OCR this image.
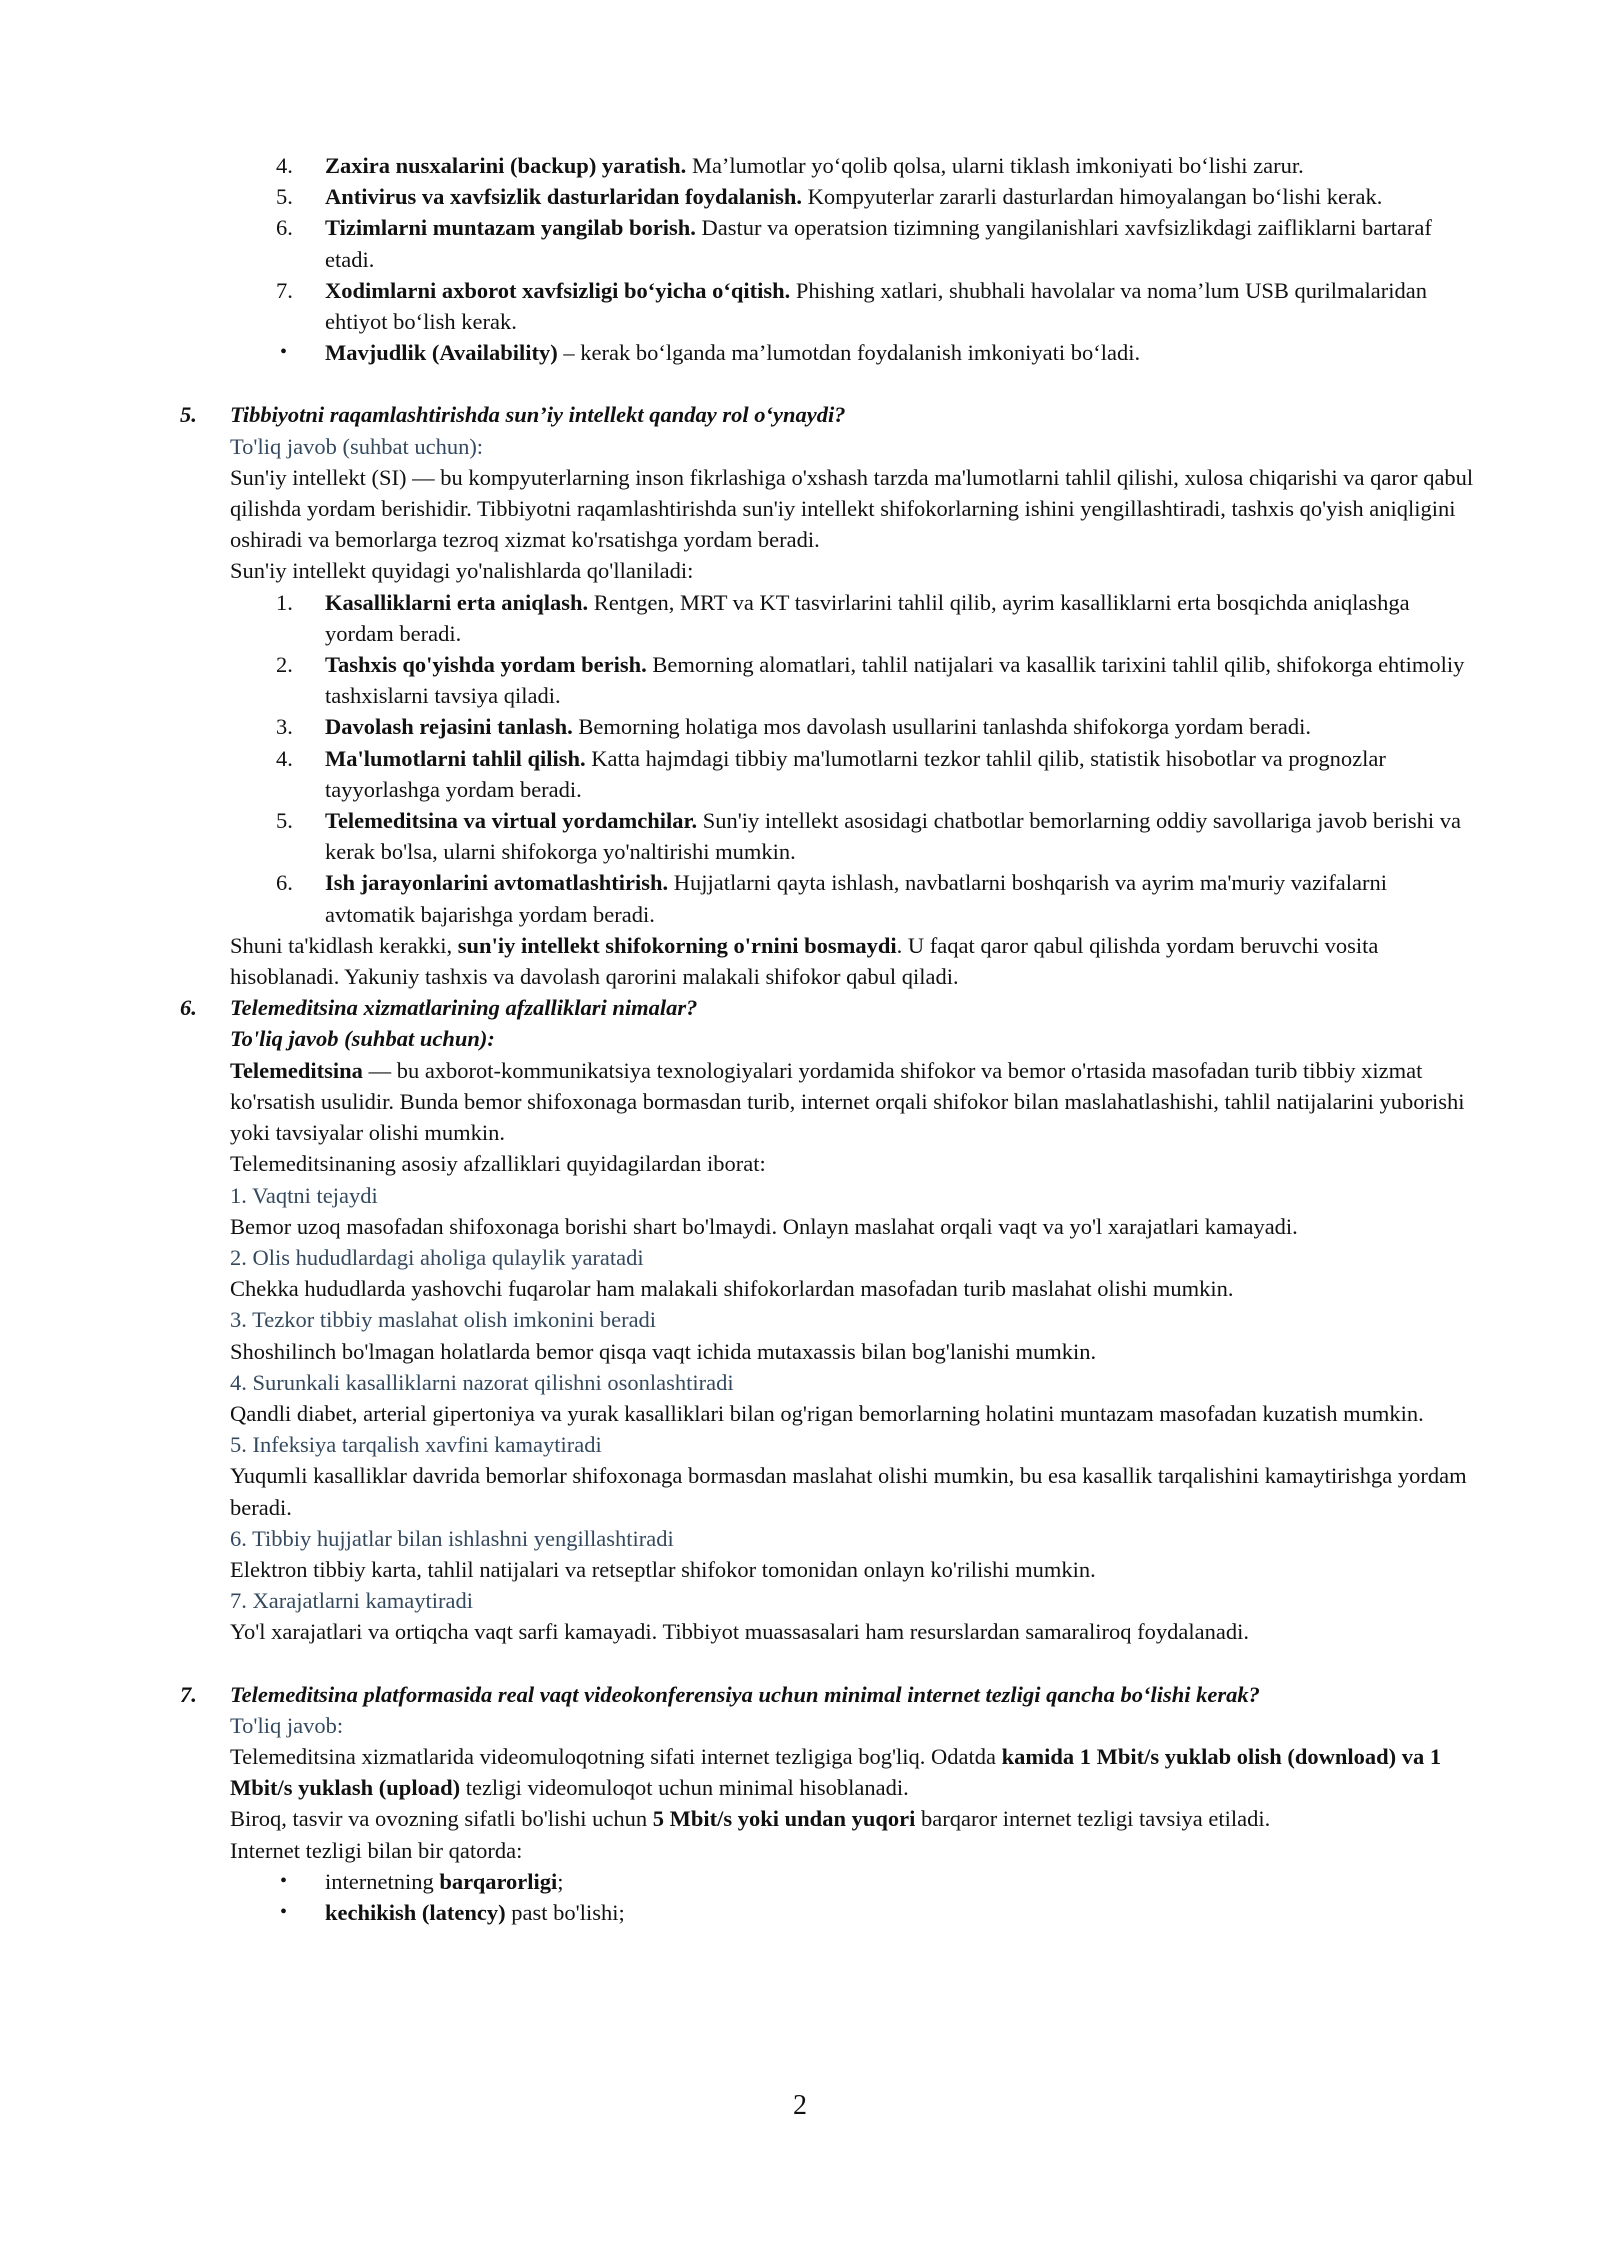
4. Zaxira nusxalarini (backup) yaratish. Ma’lumotlar yo‘qolib qolsa, ularni tiklash imkoniyati bo‘lishi zarur.
5. Antivirus va xavfsizlik dasturlaridan foydalanish. Kompyuterlar zararli dasturlardan himoyalangan bo‘lishi kerak.
6. Tizimlarni muntazam yangilab borish. Dastur va operatsion tizimning yangilanishlari xavfsizlikdagi zaifliklarni bartaraf etadi.
7. Xodimlarni axborot xavfsizligi bo‘yicha o‘qitish. Phishing xatlari, shubhali havolalar va noma’lum USB qurilmalaridan ehtiyot bo‘lish kerak.
• Mavjudlik (Availability) – kerak bo‘lganda ma’lumotdan foydalanish imkoniyati bo‘ladi.
5. Tibbiyotni raqamlashtirishda sun’iy intellekt qanday rol o‘ynaydi?
To'liq javob (suhbat uchun):
Sun'iy intellekt (SI) — bu kompyuterlarning inson fikrlashiga o'xshash tarzda ma'lumotlarni tahlil qilishi, xulosa chiqarishi va qaror qabul qilishda yordam berishidir. Tibbiyotni raqamlashtirishda sun'iy intellekt shifokorlarning ishini yengillashtiradi, tashxis qo'yish aniqligini oshiradi va bemorlarga tezroq xizmat ko'rsatishga yordam beradi.
Sun'iy intellekt quyidagi yo'nalishlarda qo'llaniladi:
1. Kasalliklarni erta aniqlash. Rentgen, MRT va KT tasvirlarini tahlil qilib, ayrim kasalliklarni erta bosqichda aniqlashga yordam beradi.
2. Tashxis qo'yishda yordam berish. Bemorning alomatlari, tahlil natijalari va kasallik tarixini tahlil qilib, shifokorga ehtimoliy tashxislarni tavsiya qiladi.
3. Davolash rejasini tanlash. Bemorning holatiga mos davolash usullarini tanlashda shifokorga yordam beradi.
4. Ma'lumotlarni tahlil qilish. Katta hajmdagi tibbiy ma'lumotlarni tezkor tahlil qilib, statistik hisobotlar va prognozlar tayyorlashga yordam beradi.
5. Telemeditsina va virtual yordamchilar. Sun'iy intellekt asosidagi chatbotlar bemorlarning oddiy savollariga javob berishi va kerak bo'lsa, ularni shifokorga yo'naltirishi mumkin.
6. Ish jarayonlarini avtomatlashtirish. Hujjatlarni qayta ishlash, navbatlarni boshqarish va ayrim ma'muriy vazifalarni avtomatik bajarishga yordam beradi.
Shuni ta'kidlash kerakki, sun'iy intellekt shifokorning o'rnini bosmaydi. U faqat qaror qabul qilishda yordam beruvchi vosita hisoblanadi. Yakuniy tashxis va davolash qarorini malakali shifokor qabul qiladi.
6. Telemeditsina xizmatlarining afzalliklari nimalar?
To'liq javob (suhbat uchun):
Telemeditsina — bu axborot-kommunikatsiya texnologiyalari yordamida shifokor va bemor o'rtasida masofadan turib tibbiy xizmat ko'rsatish usulidir. Bunda bemor shifoxonaga bormasdan turib, internet orqali shifokor bilan maslahatlashishi, tahlil natijalarini yuborishi yoki tavsiyalar olishi mumkin.
Telemeditsinaning asosiy afzalliklari quyidagilardan iborat:
1. Vaqtni tejaydi
Bemor uzoq masofadan shifoxonaga borishi shart bo'lmaydi. Onlayn maslahat orqali vaqt va yo'l xarajatlari kamayadi.
2. Olis hududlardagi aholiga qulaylik yaratadi
Chekka hududlarda yashovchi fuqarolar ham malakali shifokorlardan masofadan turib maslahat olishi mumkin.
3. Tezkor tibbiy maslahat olish imkonini beradi
Shoshilinch bo'lmagan holatlarda bemor qisqa vaqt ichida mutaxassis bilan bog'lanishi mumkin.
4. Surunkali kasalliklarni nazorat qilishni osonlashtiradi
Qandli diabet, arterial gipertoniya va yurak kasalliklari bilan og'rigan bemorlarning holatini muntazam masofadan kuzatish mumkin.
5. Infeksiya tarqalish xavfini kamaytiradi
Yuqumli kasalliklar davrida bemorlar shifoxonaga bormasdan maslahat olishi mumkin, bu esa kasallik tarqalishini kamaytirishga yordam beradi.
6. Tibbiy hujjatlar bilan ishlashni yengillashtiradi
Elektron tibbiy karta, tahlil natijalari va retseptlar shifokor tomonidan onlayn ko'rilishi mumkin.
7. Xarajatlarni kamaytiradi
Yo'l xarajatlari va ortiqcha vaqt sarfi kamayadi. Tibbiyot muassasalari ham resurslardan samaraliroq foydalanadi.
7. Telemeditsina platformasida real vaqt videokonferensiya uchun minimal internet tezligi qancha bo‘lishi kerak?
To'liq javob:
Telemeditsina xizmatlarida videomuloqotning sifati internet tezligiga bog'liq. Odatda kamida 1 Mbit/s yuklab olish (download) va 1 Mbit/s yuklash (upload) tezligi videomuloqot uchun minimal hisoblanadi.
Biroq, tasvir va ovozning sifatli bo'lishi uchun 5 Mbit/s yoki undan yuqori barqaror internet tezligi tavsiya etiladi.
Internet tezligi bilan bir qatorda:
• internetning barqarorligi;
• kechikish (latency) past bo'lishi;
2
